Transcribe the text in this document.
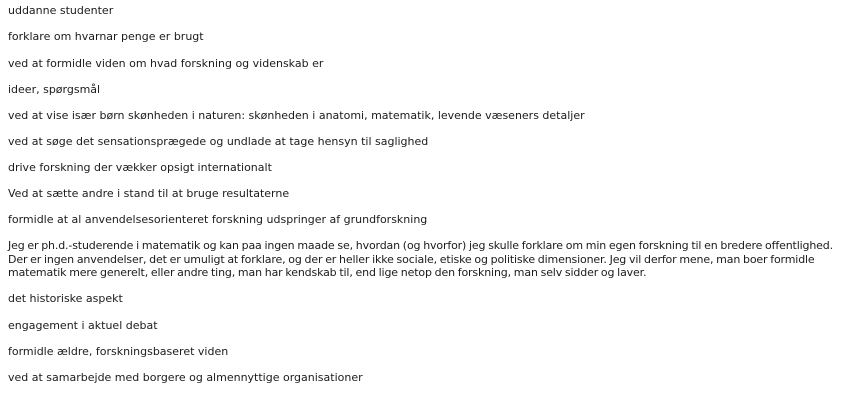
uddanne studenter

forklare om hvarnar penge er brugt

ved at formidle viden om hvad forskning og videnskab er

ideer, spørgsmål

ved at vise især børn skønheden i naturen: skønheden i anatomi, matematik, levende væseners detaljer

ved at søge det sensationsprægede og undlade at tage hensyn til saglighed

drive forskning der vækker opsigt internationalt

Ved at sætte andre i stand til at bruge resultaterne

formidle at al anvendelsesorienteret forskning udspringer af grundforskning

Jeg er ph.d.-studerende i matematik og kan paa ingen maade se, hvordan (og hvorfor) jeg skulle forklare om min egen forskning til en bredere offentlighed. Der er ingen anvendelser, det er umuligt at forklare, og der er heller ikke sociale, etiske og politiske dimensioner. Jeg vil derfor mene, man boer formidle matematik mere generelt, eller andre ting, man har kendskab til, end lige netop den forskning, man selv sidder og laver.

det historiske aspekt

engagement i aktuel debat

formidle ældre, forskningsbaseret viden

ved at samarbejde med borgere og almennyttige organisationer
